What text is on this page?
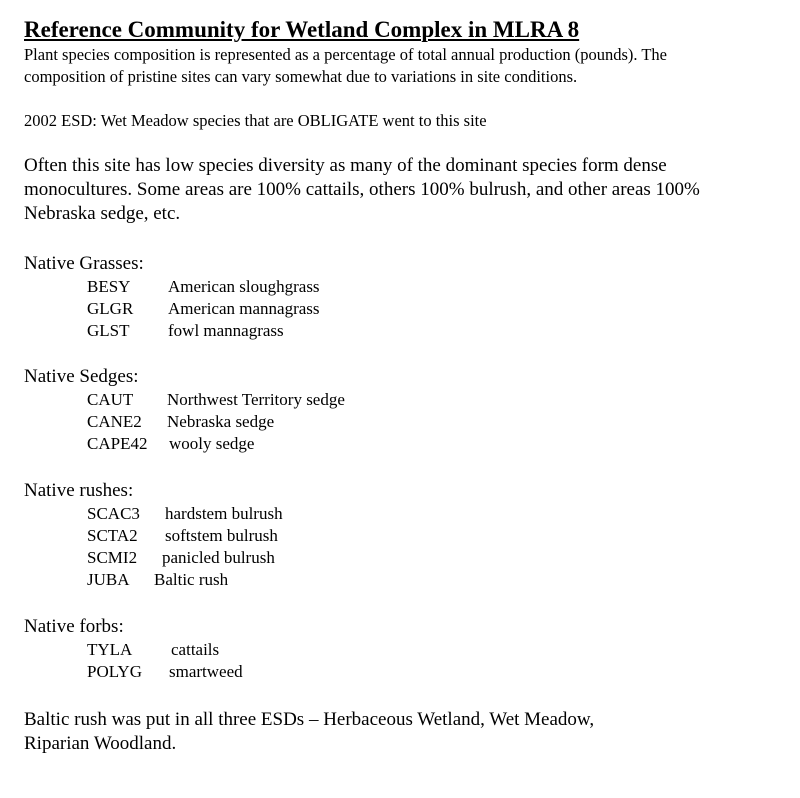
Reference Community for Wetland Complex in MLRA 8
Plant species composition is represented as a percentage of total annual production (pounds). The
composition of pristine sites can vary somewhat due to variations in site conditions.
2002 ESD: Wet Meadow species that are OBLIGATE went to this site
Often this site has low species diversity as many of the dominant species form dense
monocultures. Some areas are 100% cattails, others 100% bulrush, and other areas 100%
Nebraska sedge, etc.
Native Grasses:
BESY American sloughgrass
GLGR American mannagrass
GLST fowl mannagrass
Native Sedges:
CAUT Northwest Territory sedge
CANE2 Nebraska sedge
CAPE42 wooly sedge
Native rushes:
SCAC3 hardstem bulrush
SCTA2 softstem bulrush
SCMI2 panicled bulrush
JUBA Baltic rush
Native forbs:
TYLA cattails
POLYG smartweed
Baltic rush was put in all three ESDs – Herbaceous Wetland, Wet Meadow,
Riparian Woodland.
